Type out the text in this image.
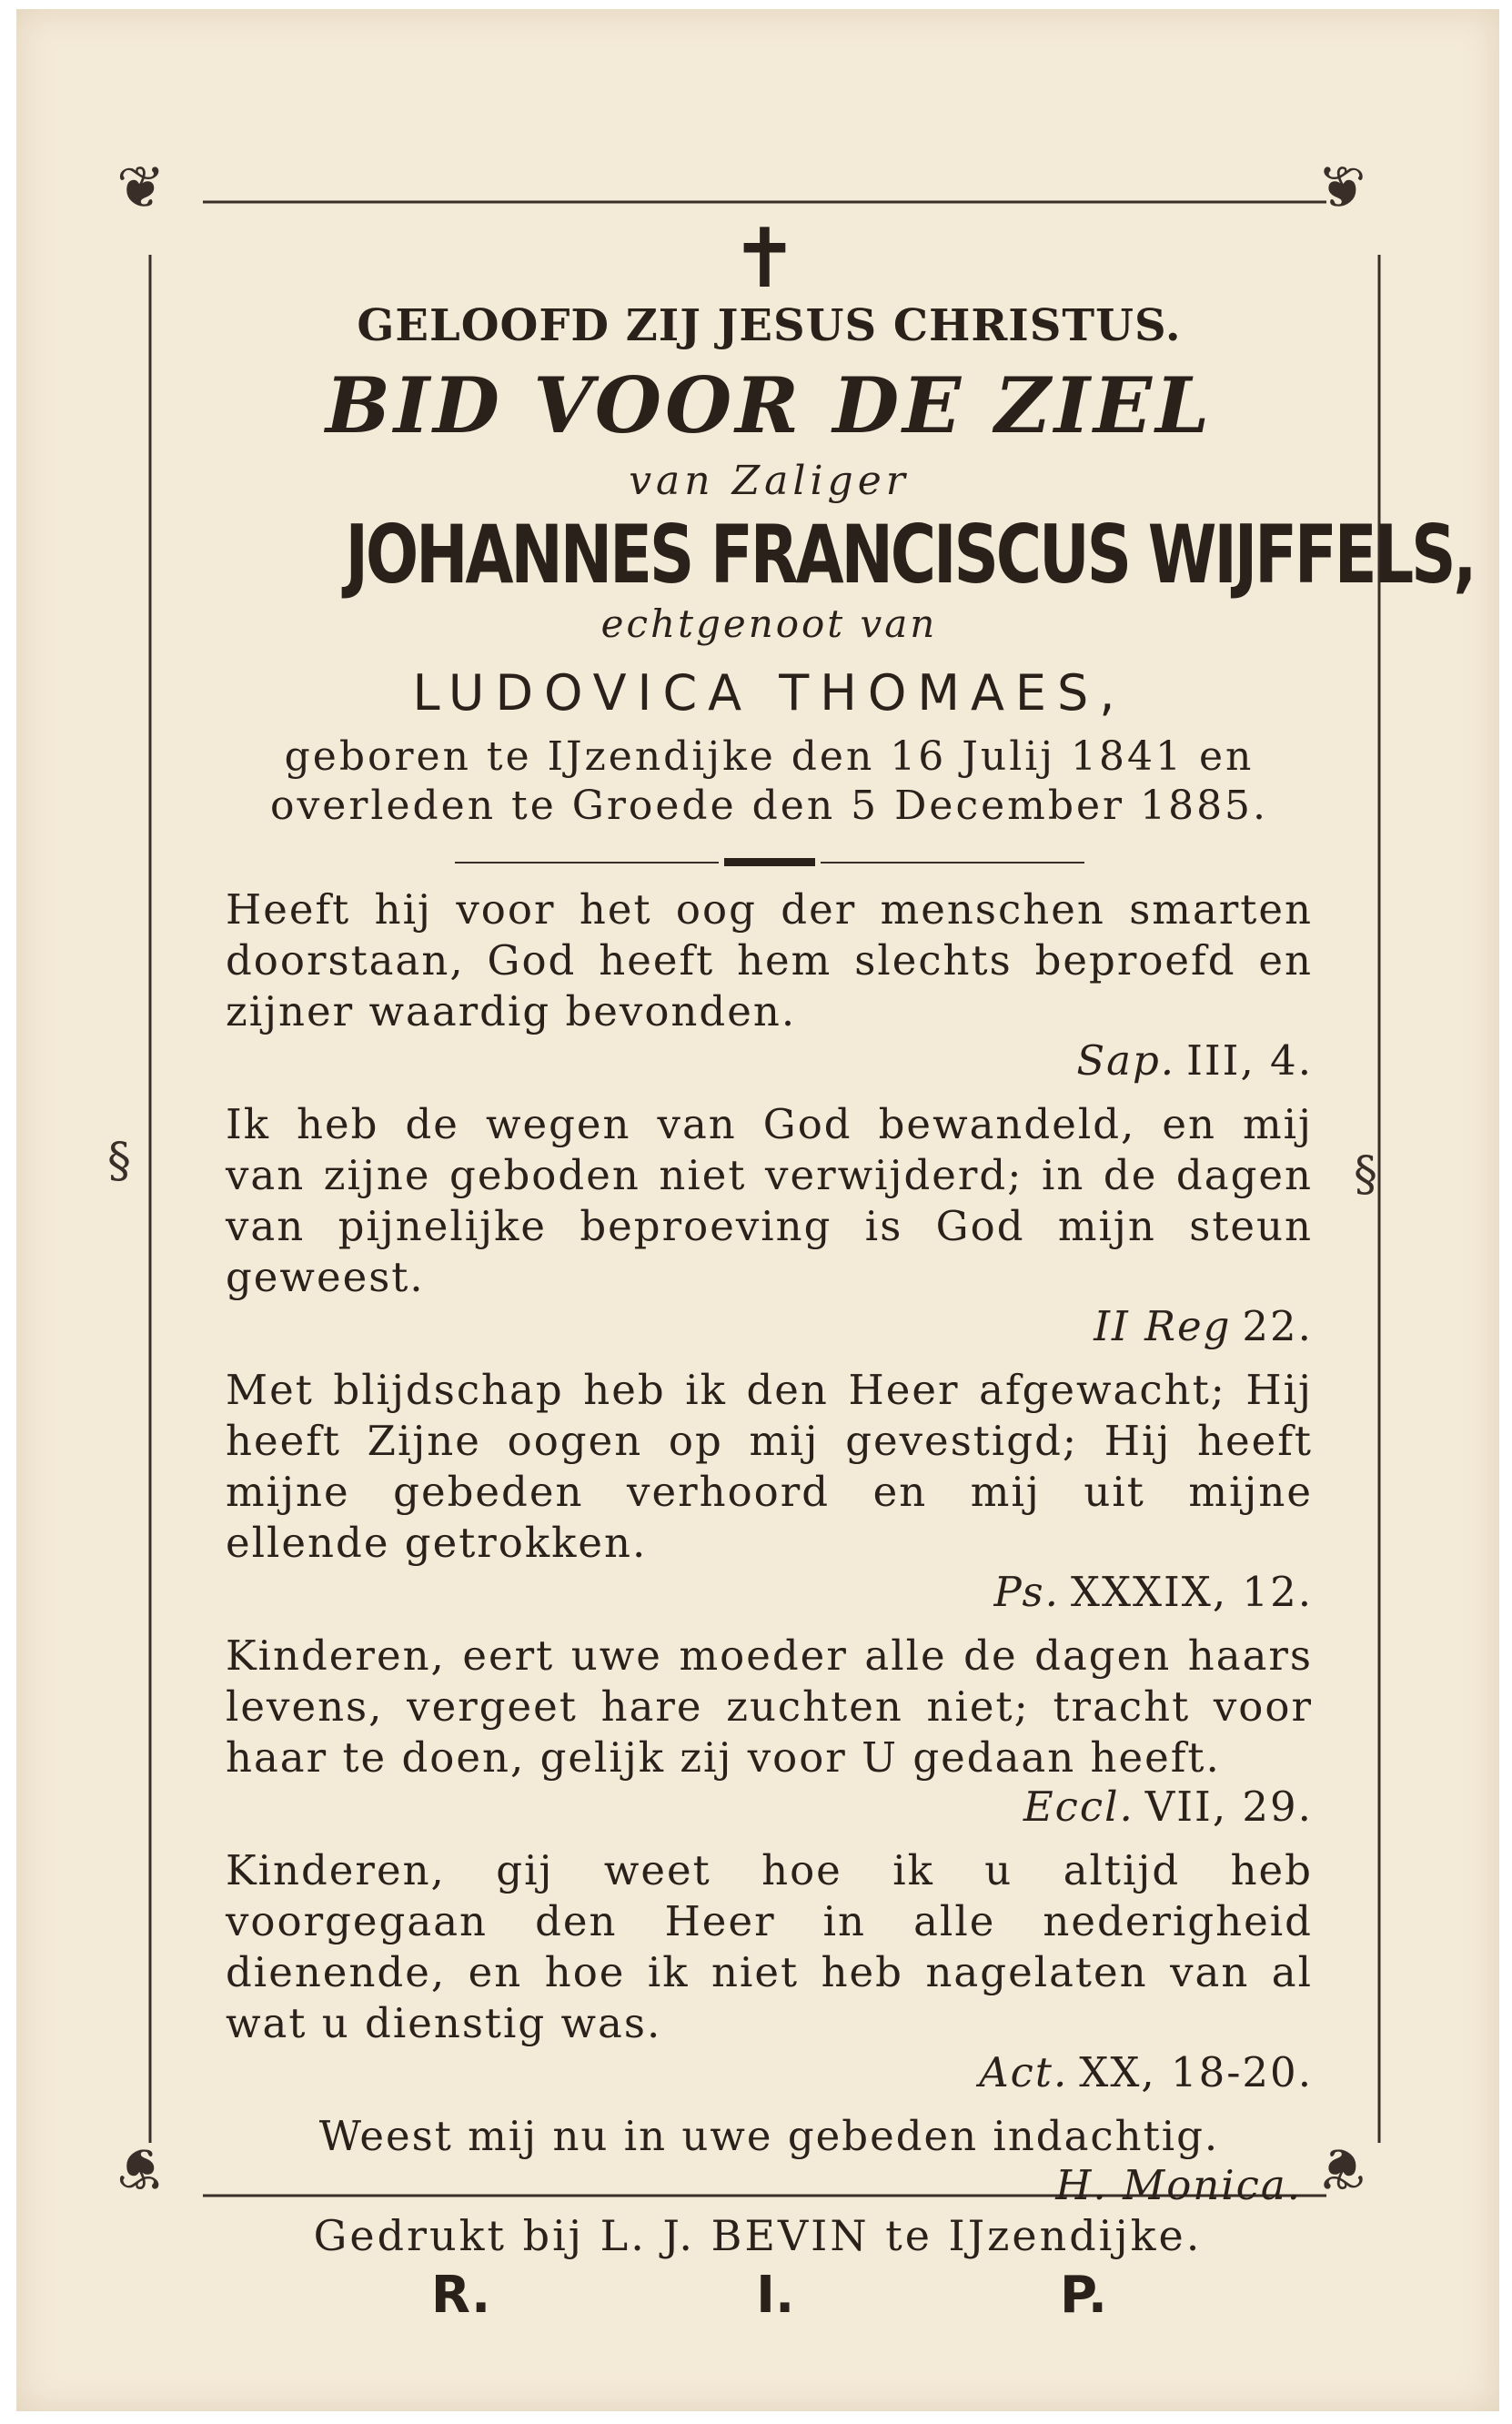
❦	❦
❦	❦
§	§
✝
GELOOFD ZIJ JESUS CHRISTUS.
BID VOOR DE ZIEL
van Zaliger
JOHANNES FRANCISCUS WIJFFELS,
echtgenoot van
LUDOVICA THOMAES,
geboren te IJzendijke den 16 Julij 1841 en
overleden te Groede den 5 December 1885.
Heeft hij voor het oog der menschen smarten doorstaan, God heeft hem slechts beproefd en zijner waardig bevonden.
Sap. III, 4.
Ik heb de wegen van God bewandeld, en mij van zijne geboden niet verwijderd; in de dagen van pijnelijke beproeving is God mijn steun geweest.
II Reg 22.
Met blijdschap heb ik den Heer afgewacht; Hij heeft Zijne oogen op mij gevestigd; Hij heeft mijne gebeden verhoord en mij uit mijne ellende getrokken.
Ps. XXXIX, 12.
Kinderen, eert uwe moeder alle de dagen haars levens, vergeet hare zuchten niet; tracht voor haar te doen, gelijk zij voor U gedaan heeft.
Eccl. VII, 29.
Kinderen, gij weet hoe ik u altijd heb voorgegaan den Heer in alle nederigheid dienende, en hoe ik niet heb nagelaten van al wat u dienstig was.
Act. XX, 18-20.
Weest mij nu in uwe gebeden indachtig.
H. Monica.
R.	I.	P.
Gedrukt bij L. J. BEVIN te IJzendijke.
